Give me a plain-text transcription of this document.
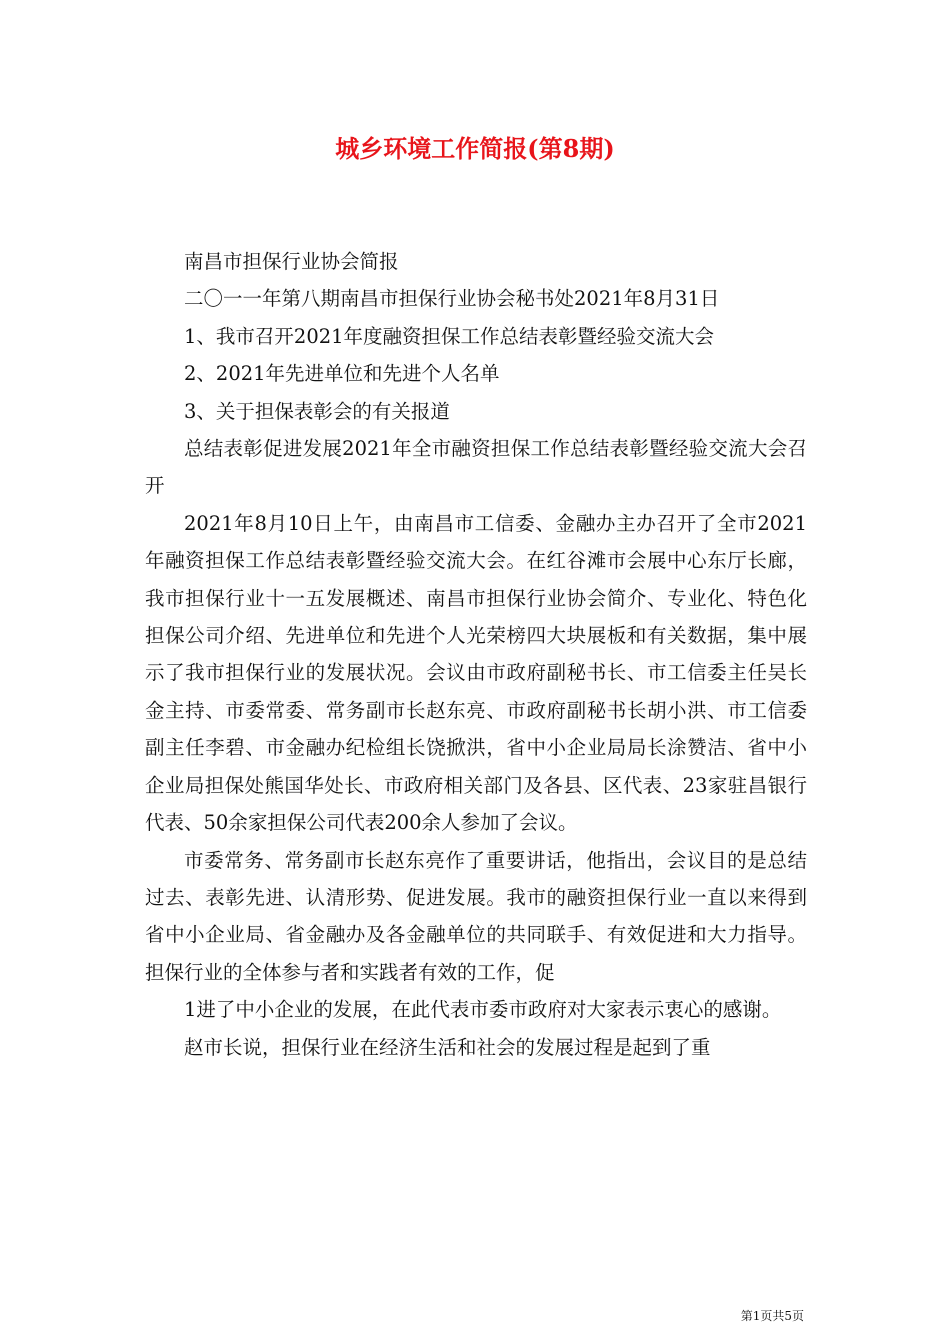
城乡环境工作简报(第8期)

南昌市担保行业协会简报

二〇一一年第八期南昌市担保行业协会秘书处2021年8月31日

1、我市召开2021年度融资担保工作总结表彰暨经验交流大会

2、2021年先进单位和先进个人名单

3、关于担保表彰会的有关报道

总结表彰促进发展2021年全市融资担保工作总结表彰暨经验交流大会召开

2021年8月10日上午，由南昌市工信委、金融办主办召开了全市2021年融资担保工作总结表彰暨经验交流大会。在红谷滩市会展中心东厅长廊，我市担保行业十一五发展概述、南昌市担保行业协会简介、专业化、特色化担保公司介绍、先进单位和先进个人光荣榜四大块展板和有关数据，集中展示了我市担保行业的发展状况。会议由市政府副秘书长、市工信委主任吴长金主持、市委常委、常务副市长赵东亮、市政府副秘书长胡小洪、市工信委副主任李碧、市金融办纪检组长饶掀洪，省中小企业局局长涂赞洁、省中小企业局担保处熊国华处长、市政府相关部门及各县、区代表、23家驻昌银行代表、50余家担保公司代表200余人参加了会议。

市委常务、常务副市长赵东亮作了重要讲话，他指出，会议目的是总结过去、表彰先进、认清形势、促进发展。我市的融资担保行业一直以来得到省中小企业局、省金融办及各金融单位的共同联手、有效促进和大力指导。担保行业的全体参与者和实践者有效的工作，促

1进了中小企业的发展，在此代表市委市政府对大家表示衷心的感谢。

赵市长说，担保行业在经济生活和社会的发展过程是起到了重

第1页共5页
